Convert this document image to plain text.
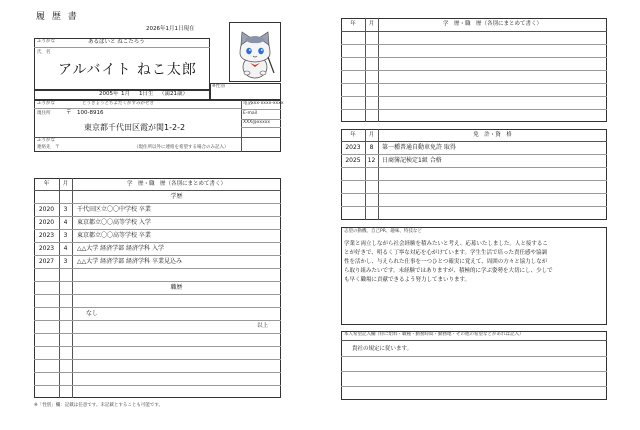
履 歴 書
2026年1月1日現在
ふりがな	あるばいと ねこたろう
氏　名
アルバイト ねこ太郎
2005年 1月 1日生 （満21歳）
※性別
ふりがな	とうきょうとちよだくがすみがせき
現住所	〒　100-8916
東京都千代田区霞が関1-2-2
電話 xxx-xxxx-xxxx
E-mail
XXX@xxxxx
ふりがな
連絡先　〒	（現住所以外に連絡を希望する場合のみ記入）
年	月	学　歴・職　歴（各別にまとめて書く）
学歴
2020	3	千代田区立〇〇中学校 卒業
2020	4	東京都立〇〇高等学校 入学
2023	3	東京都立〇〇高等学校 卒業
2023	4	△△大学 経済学部 経済学科 入学
2027	3	△△大学 経済学部 経済学科 卒業見込み
職歴
なし
以上
※「性別」欄：記載は任意です。未記載とすることも可能です。
年	月	学　歴・職　歴（各別にまとめて書く）
年	月	免　許・資　格
2023	8	第一種普通自動車免許 取得
2025	12	日商簿記検定1級 合格
志望の動機、自己PR、趣味、特技など
学業と両立しながら社会経験を積みたいと考え、応募いたしました。人と接するこ
とが好きで、明るく丁寧な対応を心がけています。学生生活で培った責任感や協調
性を活かし、与えられた仕事を一つひとつ確実に覚えて、周囲の方々と協力しなが
ら取り組みたいです。未経験ではありますが、積極的に学ぶ姿勢を大切にし、少しで
も早く職場に貢献できるよう努力してまいります。
本人希望記入欄 （特に給料・職種・勤務時間・勤務地・その他の希望などがあれば記入）
貴社の規定に従います。
